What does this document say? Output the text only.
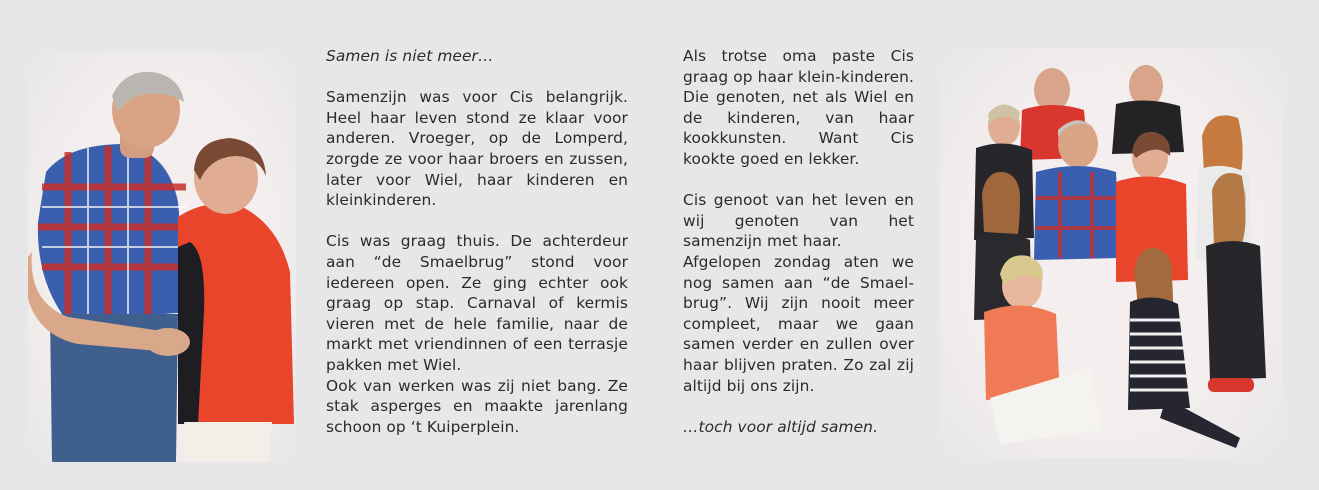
Samen is niet meer…

Samenzijn was voor Cis belangrijk. Heel haar leven stond ze klaar voor anderen. Vroeger, op de Lomperd, zorgde ze voor haar broers en zussen, later voor Wiel, haar kinderen en kleinkinderen.

Cis was graag thuis. De achterdeur aan “de Smaelbrug” stond voor iedereen open. Ze ging echter ook graag op stap. Carnaval of kermis vieren met de hele familie, naar de markt met vriendinnen of een terrasje pakken met Wiel.

Ook van werken was zij niet bang. Ze stak asperges en maakte jarenlang schoon op ‘t Kuiperplein.

Als trotse oma paste Cis graag op haar klein-kinderen. Die genoten, net als Wiel en de kinderen, van haar kookkunsten. Want Cis kookte goed en lekker.

Cis genoot van het leven en wij genoten van het samenzijn met haar.

Afgelopen zondag aten we nog samen aan “de Smael-brug”. Wij zijn nooit meer compleet, maar we gaan samen verder en zullen over haar blijven praten. Zo zal zij altijd bij ons zijn.

…toch voor altijd samen.
